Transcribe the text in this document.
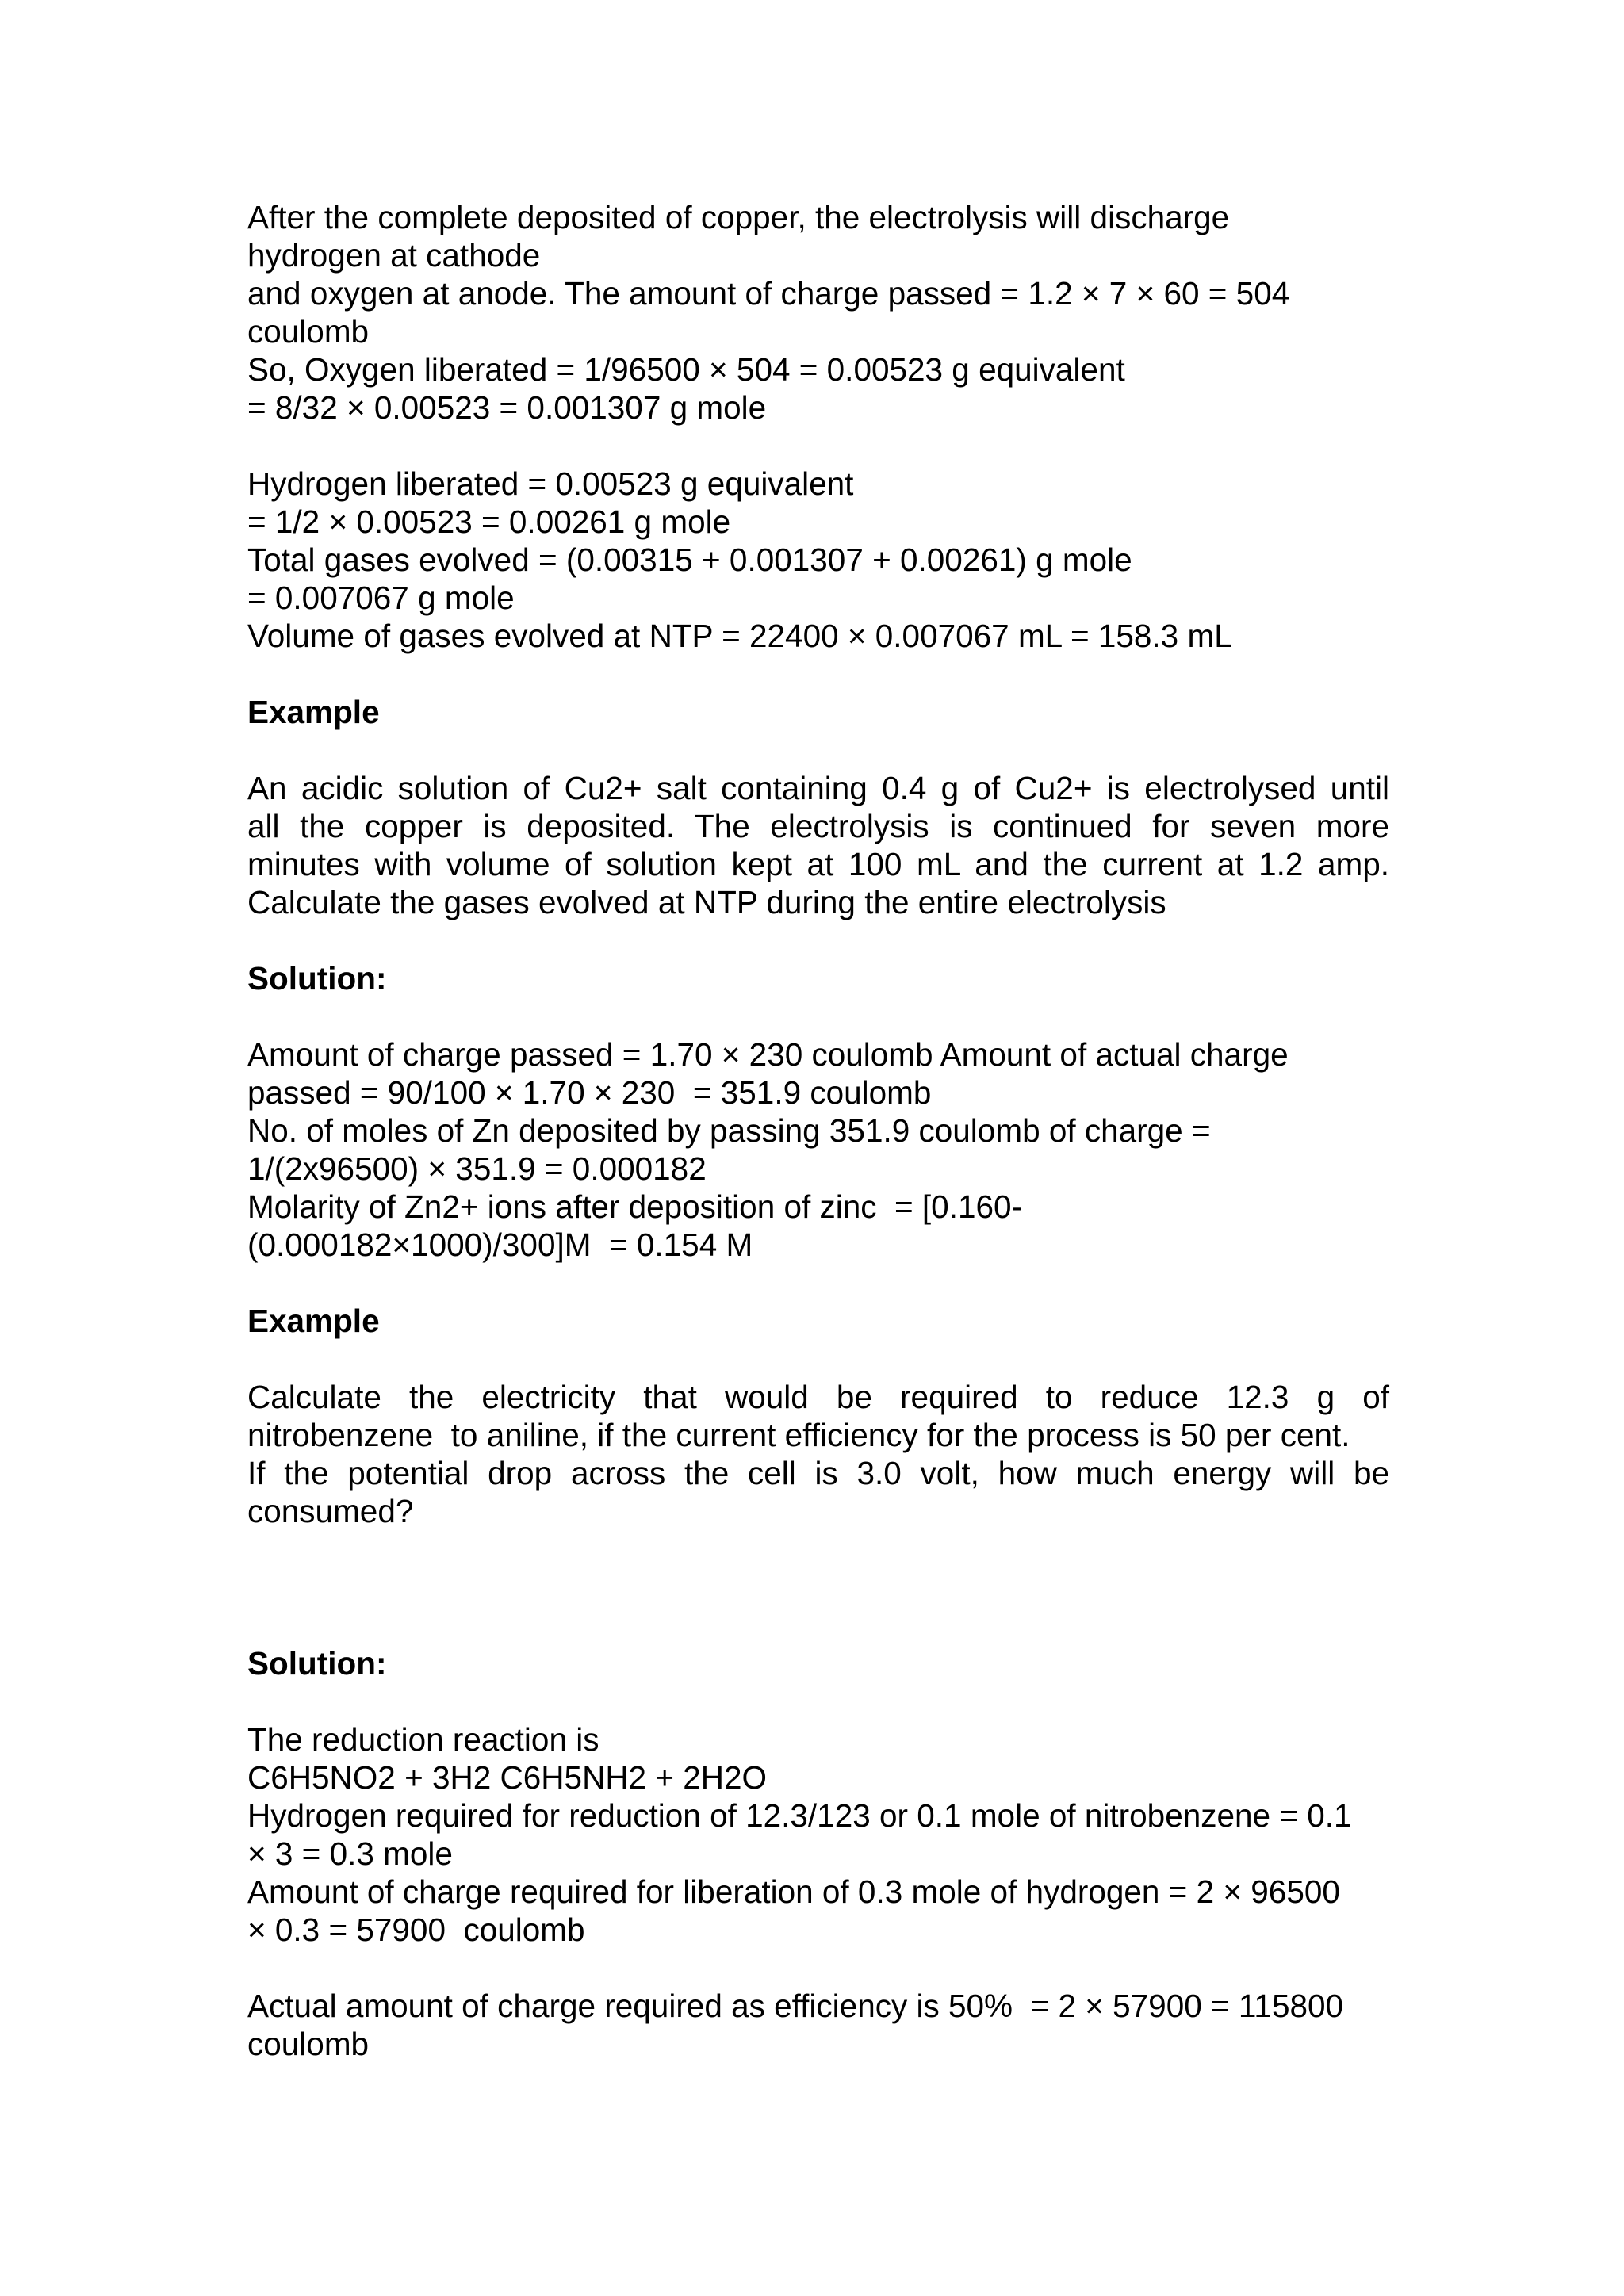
After the complete deposited of copper, the electrolysis will discharge
hydrogen at cathode
and oxygen at anode. The amount of charge passed = 1.2 × 7 × 60 = 504
coulomb
So, Oxygen liberated = 1/96500 × 504 = 0.00523 g equivalent
= 8/32 × 0.00523 = 0.001307 g mole
Hydrogen liberated = 0.00523 g equivalent
= 1/2 × 0.00523 = 0.00261 g mole
Total gases evolved = (0.00315 + 0.001307 + 0.00261) g mole
= 0.007067 g mole
Volume of gases evolved at NTP = 22400 × 0.007067 mL = 158.3 mL
Example
An acidic solution of Cu2+ salt containing 0.4 g of Cu2+ is electrolysed until
all the copper is deposited. The electrolysis is continued for seven more
minutes with volume of solution kept at 100 mL and the current at 1.2 amp.
Calculate the gases evolved at NTP during the entire electrolysis
Solution:
Amount of charge passed = 1.70 × 230 coulomb Amount of actual charge
passed = 90/100 × 1.70 × 230  = 351.9 coulomb
No. of moles of Zn deposited by passing 351.9 coulomb of charge =
1/(2x96500) × 351.9 = 0.000182
Molarity of Zn2+ ions after deposition of zinc  = [0.160-
(0.000182×1000)/300]M  = 0.154 M
Example
Calculate the electricity that would be required to reduce 12.3 g of
nitrobenzene  to aniline, if the current efficiency for the process is 50 per cent.
If the potential drop across the cell is 3.0 volt, how much energy will be
consumed?
Solution:
The reduction reaction is
C6H5NO2 + 3H2 C6H5NH2 + 2H2O
Hydrogen required for reduction of 12.3/123 or 0.1 mole of nitrobenzene = 0.1
× 3 = 0.3 mole
Amount of charge required for liberation of 0.3 mole of hydrogen = 2 × 96500
× 0.3 = 57900  coulomb
Actual amount of charge required as efficiency is 50%  = 2 × 57900 = 115800
coulomb
